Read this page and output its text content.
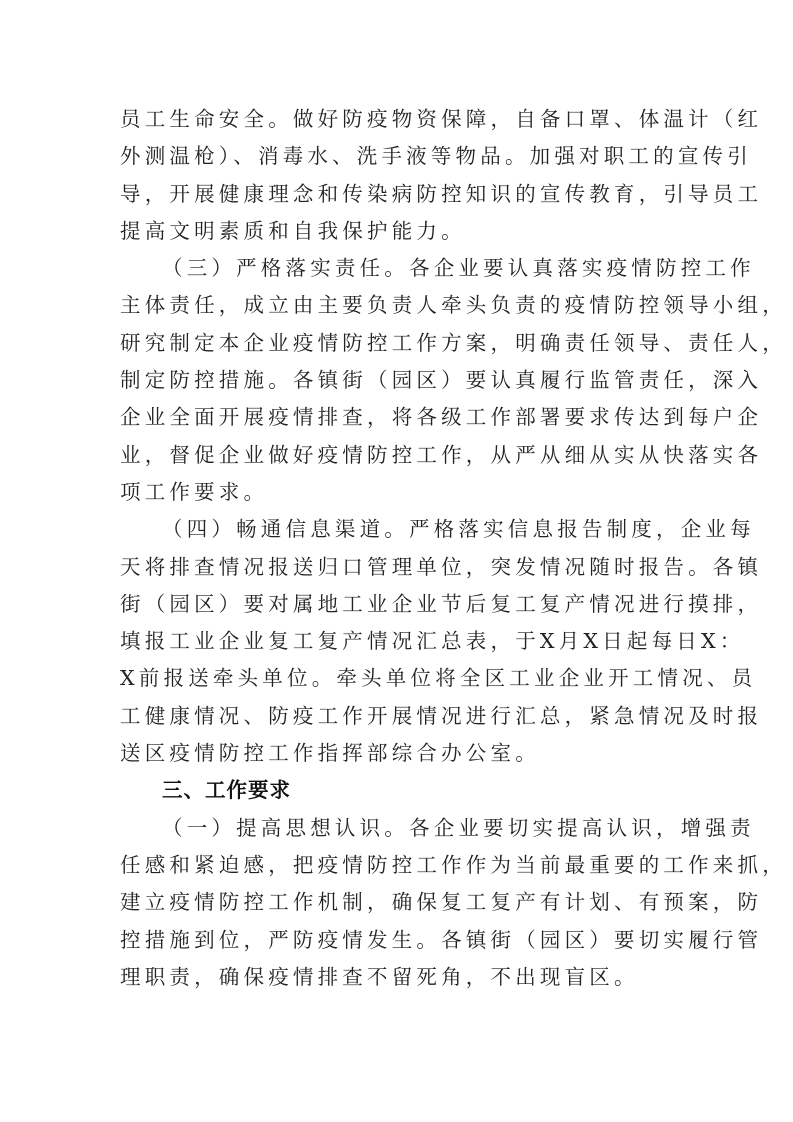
员工生命安全。做好防疫物资保障，自备口罩、体温计（红
外测温枪）、消毒水、洗手液等物品。加强对职工的宣传引
导，开展健康理念和传染病防控知识的宣传教育，引导员工
提高文明素质和自我保护能力。
（三）严格落实责任。各企业要认真落实疫情防控工作
主体责任，成立由主要负责人牵头负责的疫情防控领导小组，
研究制定本企业疫情防控工作方案，明确责任领导、责任人，
制定防控措施。各镇街（园区）要认真履行监管责任，深入
企业全面开展疫情排查，将各级工作部署要求传达到每户企
业，督促企业做好疫情防控工作，从严从细从实从快落实各
项工作要求。
（四）畅通信息渠道。严格落实信息报告制度，企业每
天将排查情况报送归口管理单位，突发情况随时报告。各镇
街（园区）要对属地工业企业节后复工复产情况进行摸排，
填报工业企业复工复产情况汇总表，于X月X日起每日X：
X前报送牵头单位。牵头单位将全区工业企业开工情况、员
工健康情况、防疫工作开展情况进行汇总，紧急情况及时报
送区疫情防控工作指挥部综合办公室。
三、工作要求
（一）提高思想认识。各企业要切实提高认识，增强责
任感和紧迫感，把疫情防控工作作为当前最重要的工作来抓，
建立疫情防控工作机制，确保复工复产有计划、有预案，防
控措施到位，严防疫情发生。各镇街（园区）要切实履行管
理职责，确保疫情排查不留死角，不出现盲区。
